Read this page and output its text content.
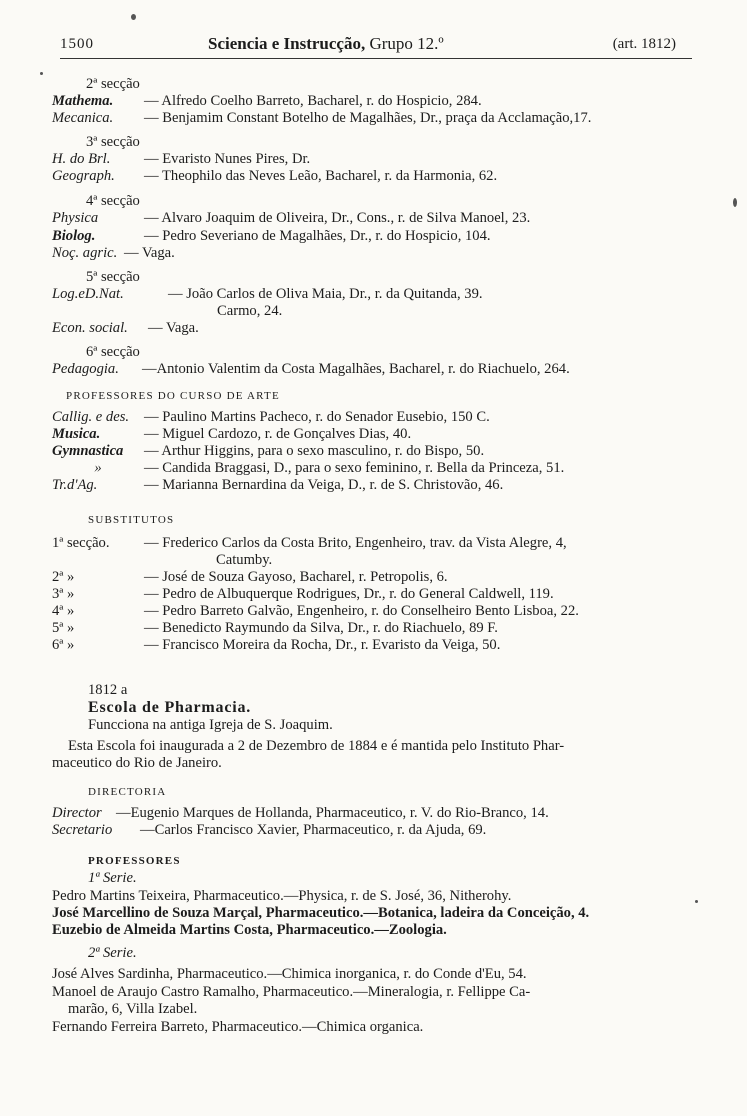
1500	Sciencia e Instrucção, Grupo 12.º	(art. 1812)
2ª secção
Mathema. — Alfredo Coelho Barreto, Bacharel, r. do Hospicio, 284.
Mecanica. — Benjamim Constant Botelho de Magalhães, Dr., praça da Acclamação,17.
3ª secção
H. do Brl. — Evaristo Nunes Pires, Dr.
Geograph. — Theophilo das Neves Leão, Bacharel, r. da Harmonia, 62.
4ª secção
Physica	— Alvaro Joaquim de Oliveira, Dr., Cons., r. de Silva Manoel, 23.
Biolog.	— Pedro Severiano de Magalhães, Dr., r. do Hospicio, 104.
Noç. agric. — Vaga.
5ª secção
Log.eD.Nat.	— João Carlos de Oliva Maia, Dr., r. da Quitanda, 39.
Carmo, 24.
Econ. social. — Vaga.
6ª secção
Pedagogia. —Antonio Valentim da Costa Magalhães, Bacharel, r. do Riachuelo, 264.
PROFESSORES DO CURSO DE ARTE
Callig. e des. — Paulino Martins Pacheco, r. do Senador Eusebio, 150 C.
Musica.	— Miguel Cardozo, r. de Gonçalves Dias, 40.
Gymnastica — Arthur Higgins, para o sexo masculino, r. do Bispo, 50.
»	— Candida Braggasi, D., para o sexo feminino, r. Bella da Princeza, 51.
Tr.d'Ag.	— Marianna Bernardina da Veiga, D., r. de S. Christovão, 46.
SUBSTITUTOS
1ª secção. — Frederico Carlos da Costa Brito, Engenheiro, trav. da Vista Alegre, 4,
Catumby.
2ª »	— José de Souza Gayoso, Bacharel, r. Petropolis, 6.
3ª »	— Pedro de Albuquerque Rodrigues, Dr., r. do General Caldwell, 119.
4ª »	— Pedro Barreto Galvão, Engenheiro, r. do Conselheiro Bento Lisboa, 22.
5ª »	— Benedicto Raymundo da Silva, Dr., r. do Riachuelo, 89 F.
6ª »	— Francisco Moreira da Rocha, Dr., r. Evaristo da Veiga, 50.
1812 a
Escola de Pharmacia.
Funcciona na antiga Igreja de S. Joaquim.
Esta Escola foi inaugurada a 2 de Dezembro de 1884 e é mantida pelo Instituto Phar-
maceutico do Rio de Janeiro.
DIRECTORIA
Director —Eugenio Marques de Hollanda, Pharmaceutico, r. V. do Rio-Branco, 14.
Secretario —Carlos Francisco Xavier, Pharmaceutico, r. da Ajuda, 69.
PROFESSORES
1ª Serie.
Pedro Martins Teixeira, Pharmaceutico.—Physica, r. de S. José, 36, Nitherohy.
José Marcellino de Souza Marçal, Pharmaceutico.—Botanica, ladeira da Conceição, 4.
Euzebio de Almeida Martins Costa, Pharmaceutico.—Zoologia.
2ª Serie.
José Alves Sardinha, Pharmaceutico.—Chimica inorganica, r. do Conde d'Eu, 54.
Manoel de Araujo Castro Ramalho, Pharmaceutico.—Mineralogia, r. Fellippe Ca-
marão, 6, Villa Izabel.
Fernando Ferreira Barreto, Pharmaceutico.—Chimica organica.
